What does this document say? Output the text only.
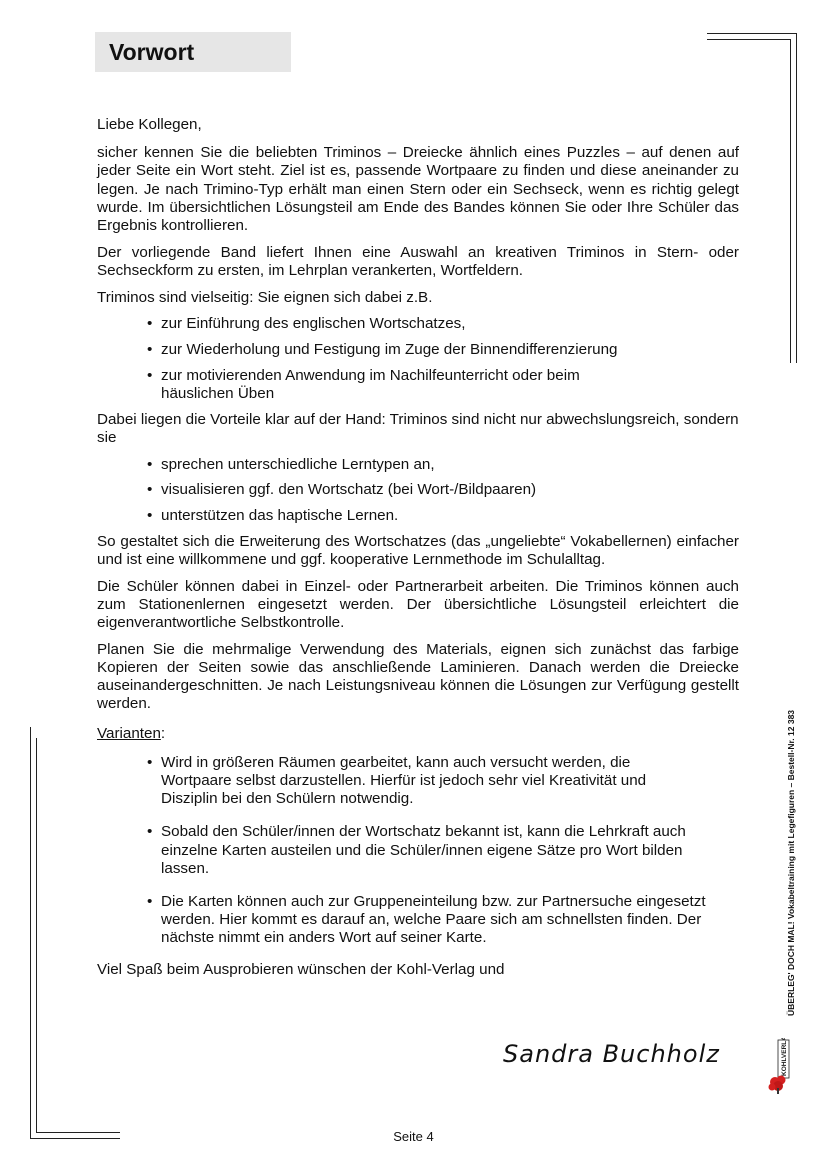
Vorwort

Liebe Kollegen,

sicher kennen Sie die beliebten Triminos – Dreiecke ähnlich eines Puzzles – auf denen auf jeder Seite ein Wort steht. Ziel ist es, passende Wortpaare zu finden und diese aneinander zu legen. Je nach Trimino-Typ erhält man einen Stern oder ein Sechseck, wenn es richtig gelegt wurde. Im übersichtlichen Lösungsteil am Ende des Bandes können Sie oder Ihre Schüler das Ergebnis kontrollieren.

Der vorliegende Band liefert Ihnen eine Auswahl an kreativen Triminos in Stern- oder Sechseckform zu ersten, im Lehrplan verankerten, Wortfeldern.

Triminos sind vielseitig: Sie eignen sich dabei z.B.

• zur Einführung des englischen Wortschatzes,
• zur Wiederholung und Festigung im Zuge der Binnendifferenzierung
• zur motivierenden Anwendung im Nachilfeunterricht oder beim häuslichen Üben

Dabei liegen die Vorteile klar auf der Hand: Triminos sind nicht nur abwechslungsreich, sondern sie

• sprechen unterschiedliche Lerntypen an,
• visualisieren ggf. den Wortschatz (bei Wort-/Bildpaaren)
• unterstützen das haptische Lernen.

So gestaltet sich die Erweiterung des Wortschatzes (das „ungeliebte“ Vokabellernen) einfacher und ist eine willkommene und ggf. kooperative Lernmethode im Schulalltag.

Die Schüler können dabei in Einzel- oder Partnerarbeit arbeiten. Die Triminos können auch zum Stationenlernen eingesetzt werden. Der übersichtliche Lösungsteil erleichtert die eigenverantwortliche Selbstkontrolle.

Planen Sie die mehrmalige Verwendung des Materials, eignen sich zunächst das farbige Kopieren der Seiten sowie das anschließende Laminieren. Danach werden die Dreiecke auseinandergeschnitten. Je nach Leistungsniveau können die Lösungen zur Verfügung gestellt werden.

Varianten:

• Wird in größeren Räumen gearbeitet, kann auch versucht werden, die Wortpaare selbst darzustellen. Hierfür ist jedoch sehr viel Kreativität und Disziplin bei den Schülern notwendig.
• Sobald den Schüler/innen der Wortschatz bekannt ist, kann die Lehrkraft auch einzelne Karten austeilen und die Schüler/innen eigene Sätze pro Wort bilden lassen.
• Die Karten können auch zur Gruppeneinteilung bzw. zur Partnersuche eingesetzt werden. Hier kommt es darauf an, welche Paare sich am schnellsten finden. Der nächste nimmt ein anders Wort auf seiner Karte.

Viel Spaß beim Ausprobieren wünschen der Kohl-Verlag und

Sandra Buchholz
Seite 4
ÜBERLEG' DOCH MAL! Vokabeltraining mit Legefiguren – Bestell-Nr. 12 383
KOHLVERLAG
